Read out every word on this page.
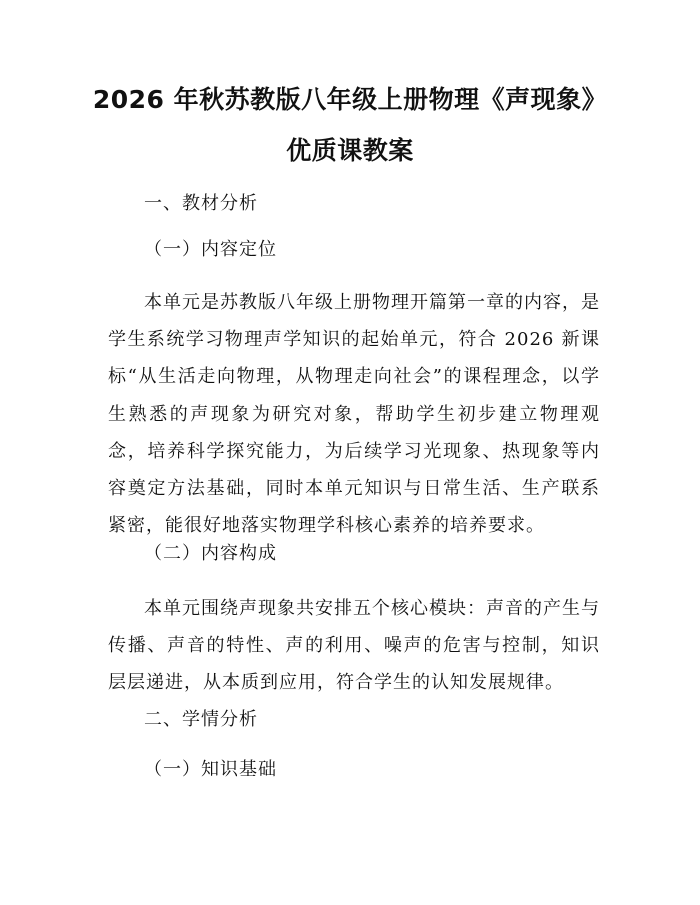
2026 年秋苏教版八年级上册物理《声现象》
优质课教案
一、教材分析
（一）内容定位
本单元是苏教版八年级上册物理开篇第一章的内容，是学生系统学习物理声学知识的起始单元，符合 2026 新课标“从生活走向物理，从物理走向社会”的课程理念，以学生熟悉的声现象为研究对象，帮助学生初步建立物理观念，培养科学探究能力，为后续学习光现象、热现象等内容奠定方法基础，同时本单元知识与日常生活、生产联系紧密，能很好地落实物理学科核心素养的培养要求。
（二）内容构成
本单元围绕声现象共安排五个核心模块：声音的产生与传播、声音的特性、声的利用、噪声的危害与控制，知识层层递进，从本质到应用，符合学生的认知发展规律。
二、学情分析
（一）知识基础
